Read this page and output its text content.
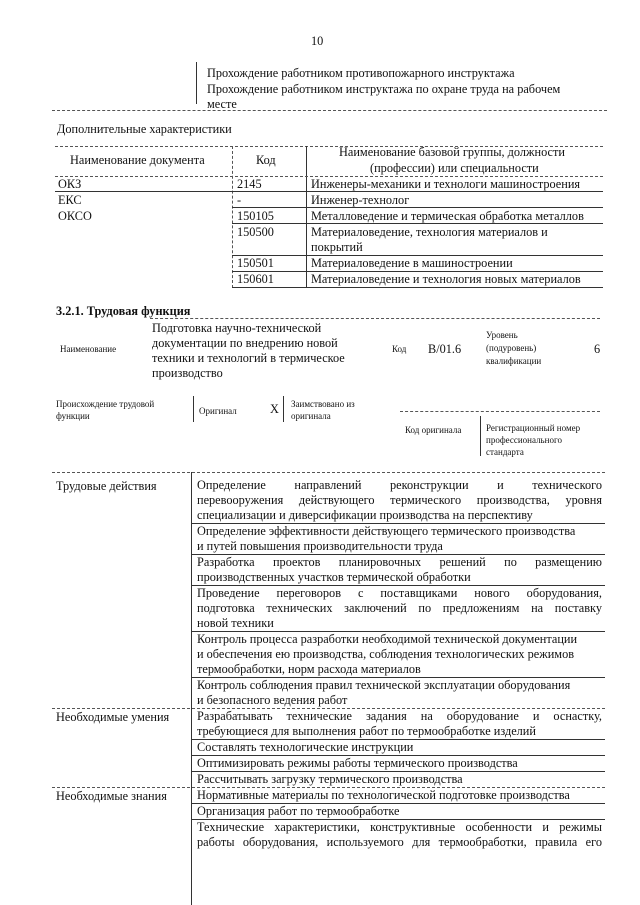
10
Прохождение работником противопожарного инструктажа
Прохождение работником инструктажа по охране труда на рабочем
месте
Дополнительные характеристики
Наименование документа	Код
Наименование базовой группы, должности
(профессии) или специальности
ОКЗ	2145	Инженеры-механики и технологи машиностроения
ЕКС	-	Инженер-технолог
ОКСО	150105	Металловедение и термическая обработка металлов
150500	Материаловедение, технология материалов и
покрытий
150501	Материаловедение в машиностроении
150601	Материаловедение и технология новых материалов
3.2.1. Трудовая функция
Наименование
Подготовка научно-технической
документации по внедрению новой
техники и технологий в термическое
производство
Код B/01.6
Уровень
(подуровень)
квалификации
6
Происхождение трудовой
функции	Оригинал	X Заимствовано из
оригинала
Код оригинала	Регистрационный номер
профессионального
стандарта
Трудовые действия	Определение направлений реконструкции и технического
перевооружения действующего термического производства, уровня
специализации и диверсификации производства на перспективу
Определение эффективности действующего термического производства
и путей повышения производительности труда
Разработка проектов планировочных решений по размещению
производственных участков термической обработки
Проведение переговоров с поставщиками нового оборудования,
подготовка технических заключений по предложениям на поставку
новой техники
Контроль процесса разработки необходимой технической документации
и обеспечения ею производства, соблюдения технологических режимов
термообработки, норм расхода материалов
Контроль соблюдения правил технической эксплуатации оборудования
и безопасного ведения работ
Необходимые умения Разрабатывать технические задания на оборудование и оснастку,
требующиеся для выполнения работ по термообработке изделий
Составлять технологические инструкции
Оптимизировать режимы работы термического производства
Рассчитывать загрузку термического производства
Необходимые знания Нормативные материалы по технологической подготовке производства
Организация работ по термообработке
Технические характеристики, конструктивные особенности и режимы
работы оборудования, используемого для термообработки, правила его
